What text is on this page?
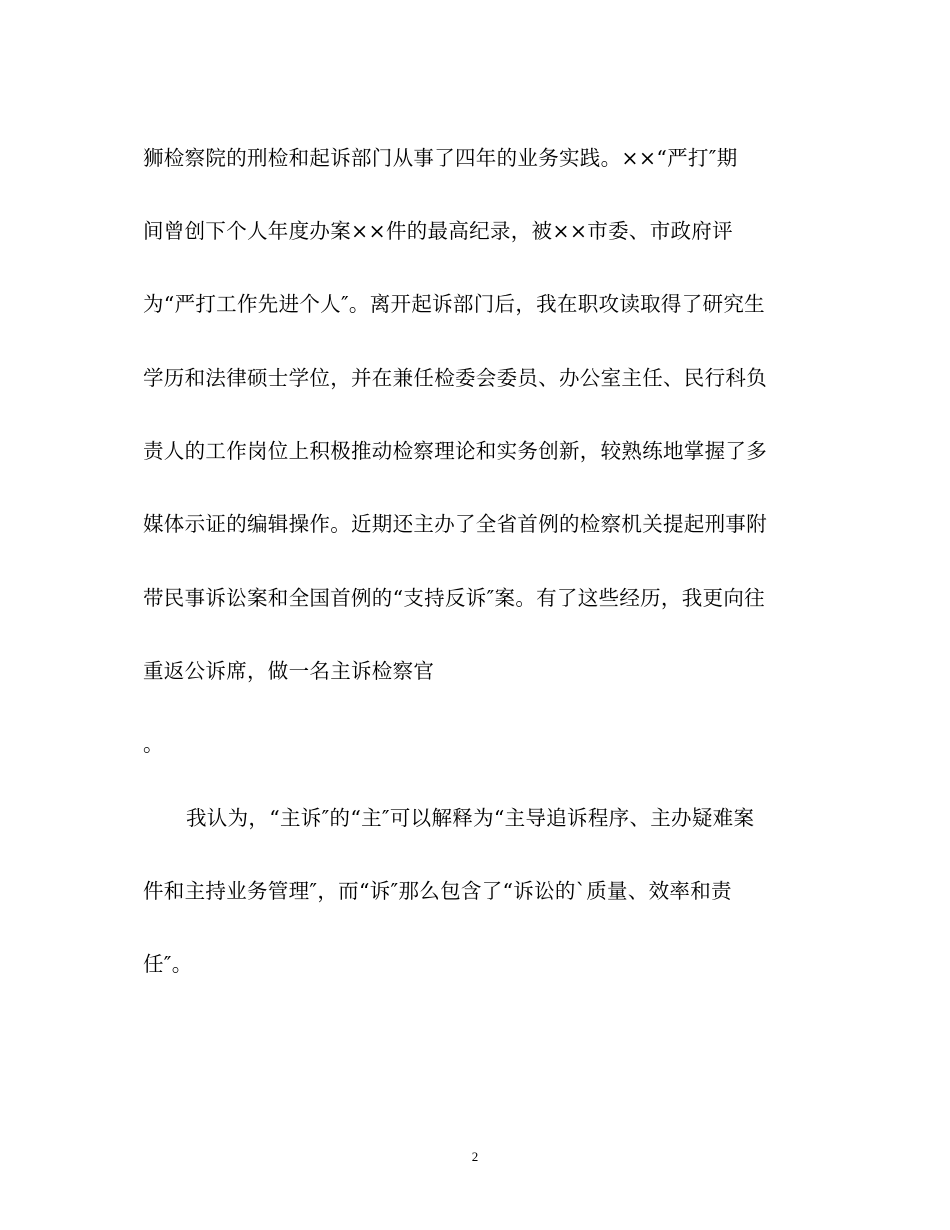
狮检察院的刑检和起诉部门从事了四年的业务实践。××“严打″期
间曾创下个人年度办案××件的最高纪录，被××市委、市政府评
为“严打工作先进个人″。离开起诉部门后，我在职攻读取得了研究生
学历和法律硕士学位，并在兼任检委会委员、办公室主任、民行科负
责人的工作岗位上积极推动检察理论和实务创新，较熟练地掌握了多
媒体示证的编辑操作。近期还主办了全省首例的检察机关提起刑事附
带民事诉讼案和全国首例的“支持反诉″案。有了这些经历，我更向往
重返公诉席，做一名主诉检察官
。
我认为，“主诉″的“主″可以解释为“主导追诉程序、主办疑难案
件和主持业务管理″，而“诉″那么包含了“诉讼的`质量、效率和责
任″。
2
